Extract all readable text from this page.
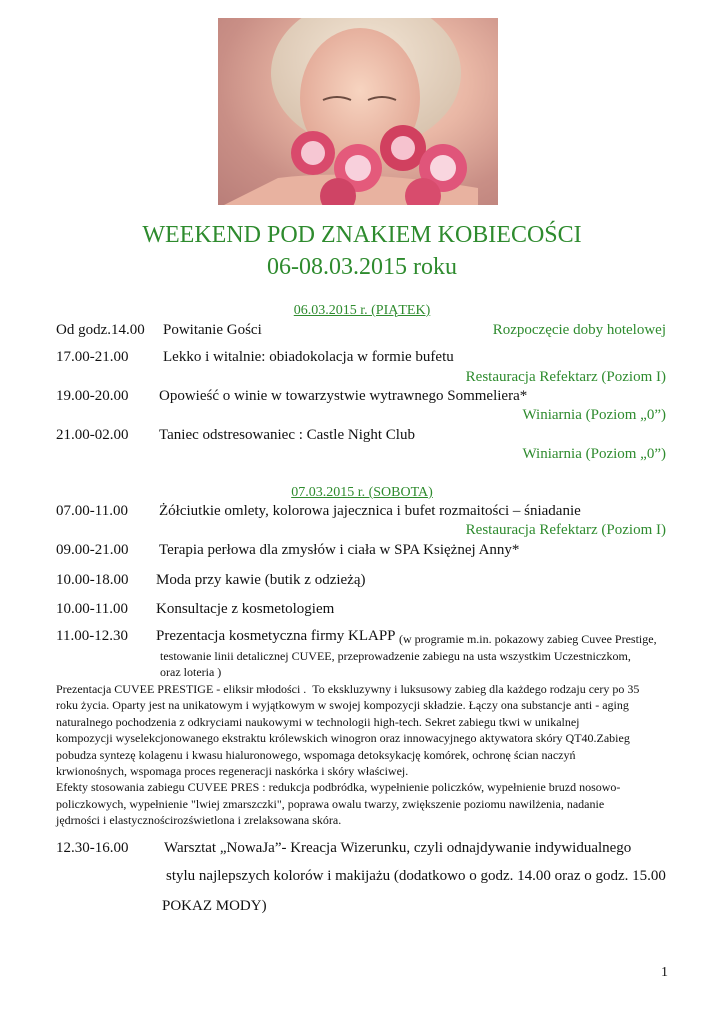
WEEKEND POD ZNAKIEM KOBIECOŚCI
06-08.03.2015 roku
06.03.2015 r. (PIĄTEK)
Od godz.14.00 Powitanie Gości	Rozpoczęcie doby hotelowej
17.00-21.00 Lekko i witalnie: obiadokolacja w formie bufetu
Restauracja Refektarz (Poziom I)
19.00-20.00 Opowieść o winie w towarzystwie wytrawnego Sommeliera*
Winiarnia (Poziom „0”)
21.00-02.00 Taniec odstresowaniec : Castle Night Club
Winiarnia (Poziom „0”)
07.03.2015 r. (SOBOTA)
07.00-11.00 Żółciutkie omlety, kolorowa jajecznica i bufet rozmaitości – śniadanie
Restauracja Refektarz (Poziom I)
09.00-21.00 Terapia perłowa dla zmysłów i ciała w SPA Księżnej Anny*
10.00-18.00 Moda przy kawie (butik z odzieżą)
10.00-11.00 Konsultacje z kosmetologiem
11.00-12.30 Prezentacja kosmetyczna firmy KLAPP (w programie m.in. pokazowy zabieg Cuvee Prestige,
testowanie linii detalicznej CUVEE, przeprowadzenie zabiegu na usta wszystkim Uczestniczkom,
oraz loteria )
Prezentacja CUVEE PRESTIGE - eliksir młodości . To ekskluzywny i luksusowy zabieg dla każdego rodzaju cery po 35
roku życia. Oparty jest na unikatowym i wyjątkowym w swojej kompozycji składzie. Łączy ona substancje anti - aging
naturalnego pochodzenia z odkryciami naukowymi w technologii high-tech. Sekret zabiegu tkwi w unikalnej
kompozycji wyselekcjonowanego ekstraktu królewskich winogron oraz innowacyjnego aktywatora skóry QT40.Zabieg
pobudza syntezę kolagenu i kwasu hialuronowego, wspomaga detoksykację komórek, ochronę ścian naczyń
krwionośnych, wspomaga proces regeneracji naskórka i skóry właściwej.
Efekty stosowania zabiegu CUVEE PRES : redukcja podbródka, wypełnienie policzków, wypełnienie bruzd nosowo-
policzkowych, wypełnienie "lwiej zmarszczki", poprawa owalu twarzy, zwiększenie poziomu nawilżenia, nadanie
jędrności i elastycznościrozświetlona i zrelaksowana skóra.
12.30-16.00 Warsztat „NowaJa”- Kreacja Wizerunku, czyli odnajdywanie indywidualnego
stylu najlepszych kolorów i makijażu (dodatkowo o godz. 14.00 oraz o godz. 15.00
POKAZ MODY)
1
